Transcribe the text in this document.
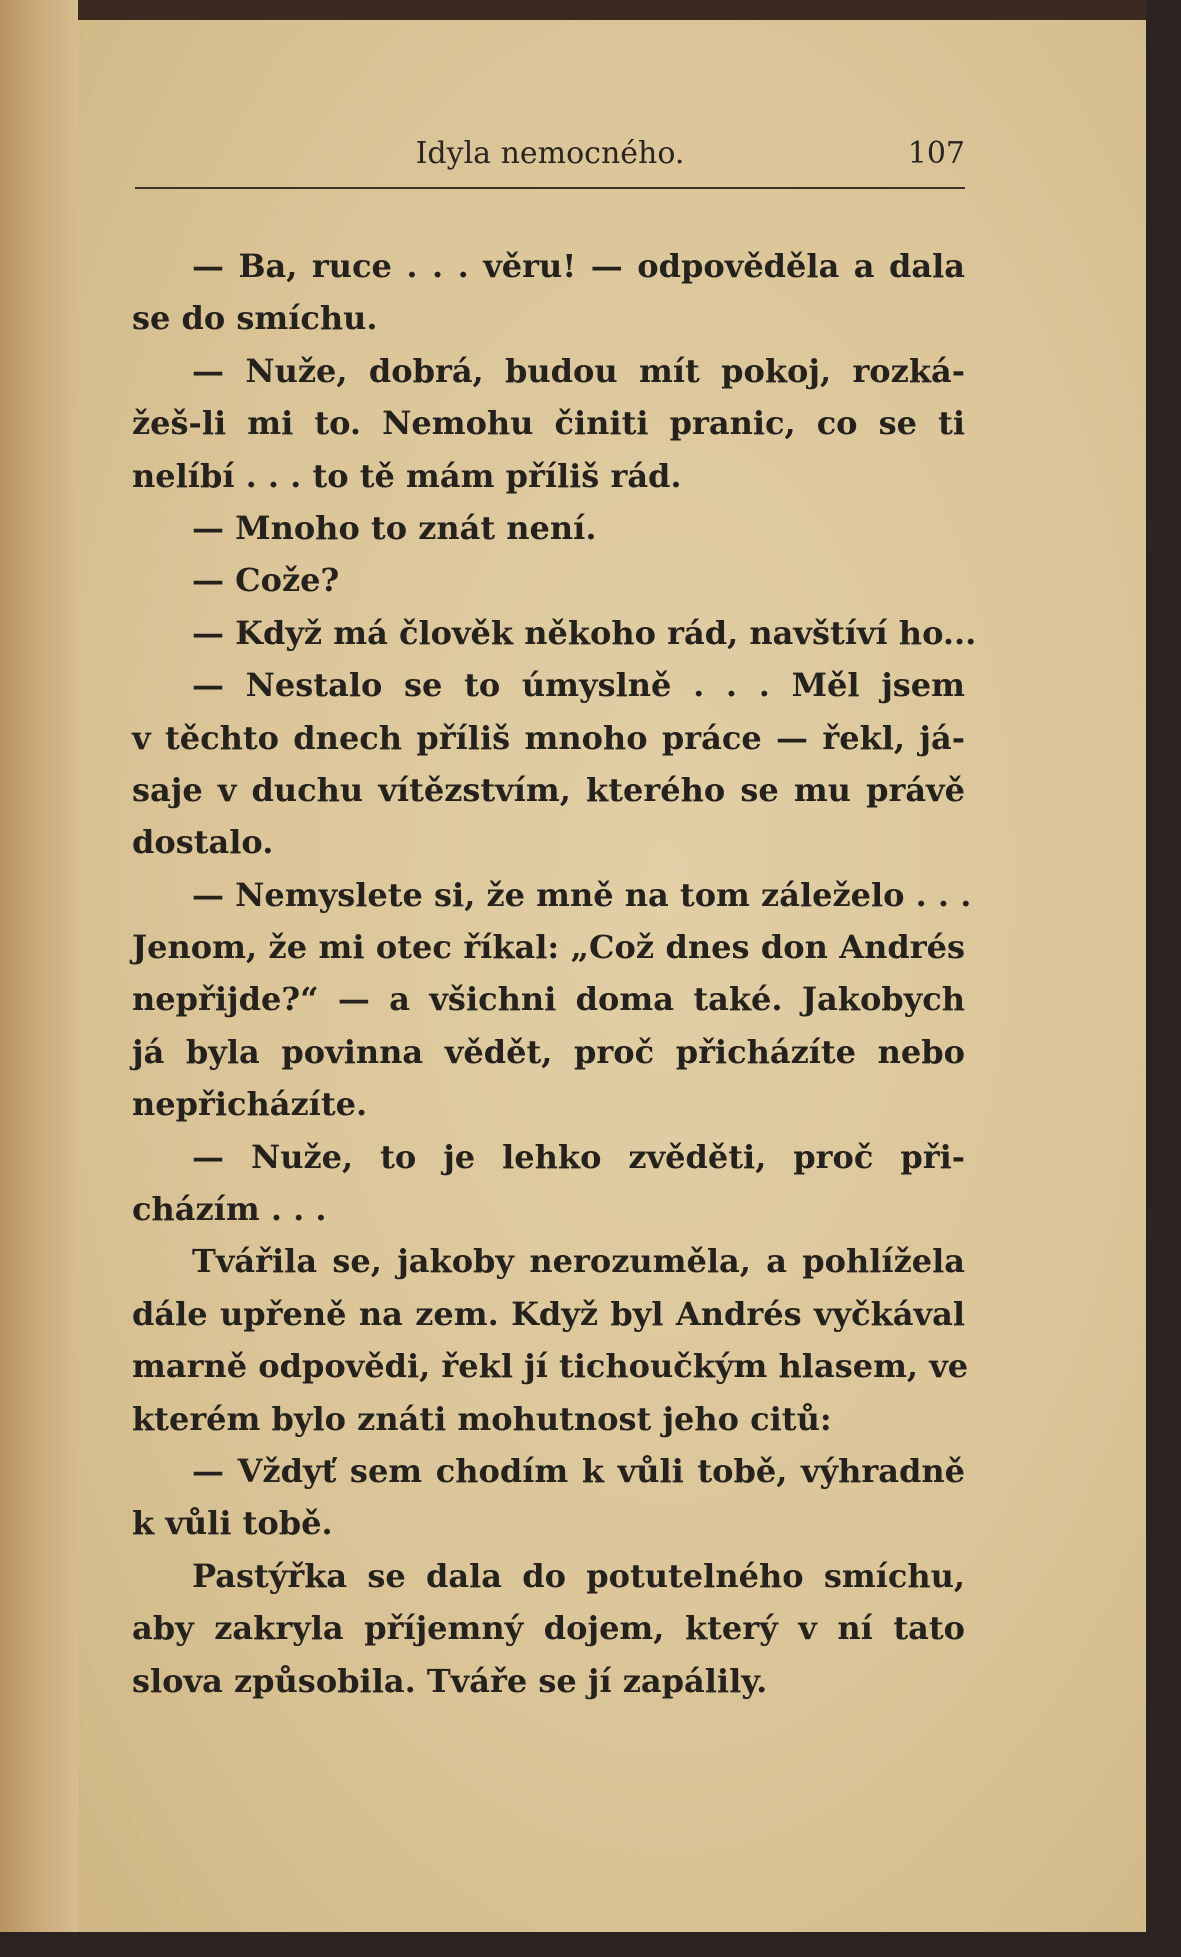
Idyla nemocného.	107
— Ba, ruce . . . věru! — odpověděla a dala
se do smíchu.
— Nuže, dobrá, budou mít pokoj, rozká-
žeš-li mi to. Nemohu činiti pranic, co se ti
nelíbí . . . to tě mám příliš rád.
— Mnoho to znát není.
— Cože?
— Když má člověk někoho rád, navštíví ho...
— Nestalo se to úmyslně . . . Měl jsem
v těchto dnech příliš mnoho práce — řekl, já-
saje v duchu vítězstvím, kterého se mu právě
dostalo.
— Nemyslete si, že mně na tom záleželo . . .
Jenom, že mi otec říkal: „Což dnes don Andrés
nepřijde?“ — a všichni doma také. Jakobych
já byla povinna vědět, proč přicházíte nebo
nepřicházíte.
— Nuže, to je lehko zvěděti, proč při-
cházím . . .
Tvářila se, jakoby nerozuměla, a pohlížela
dále upřeně na zem. Když byl Andrés vyčkával
marně odpovědi, řekl jí tichoučkým hlasem, ve
kterém bylo znáti mohutnost jeho citů:
— Vždyť sem chodím k vůli tobě, výhradně
k vůli tobě.
Pastýřka se dala do potutelného smíchu,
aby zakryla příjemný dojem, který v ní tato
slova způsobila. Tváře se jí zapálily.
